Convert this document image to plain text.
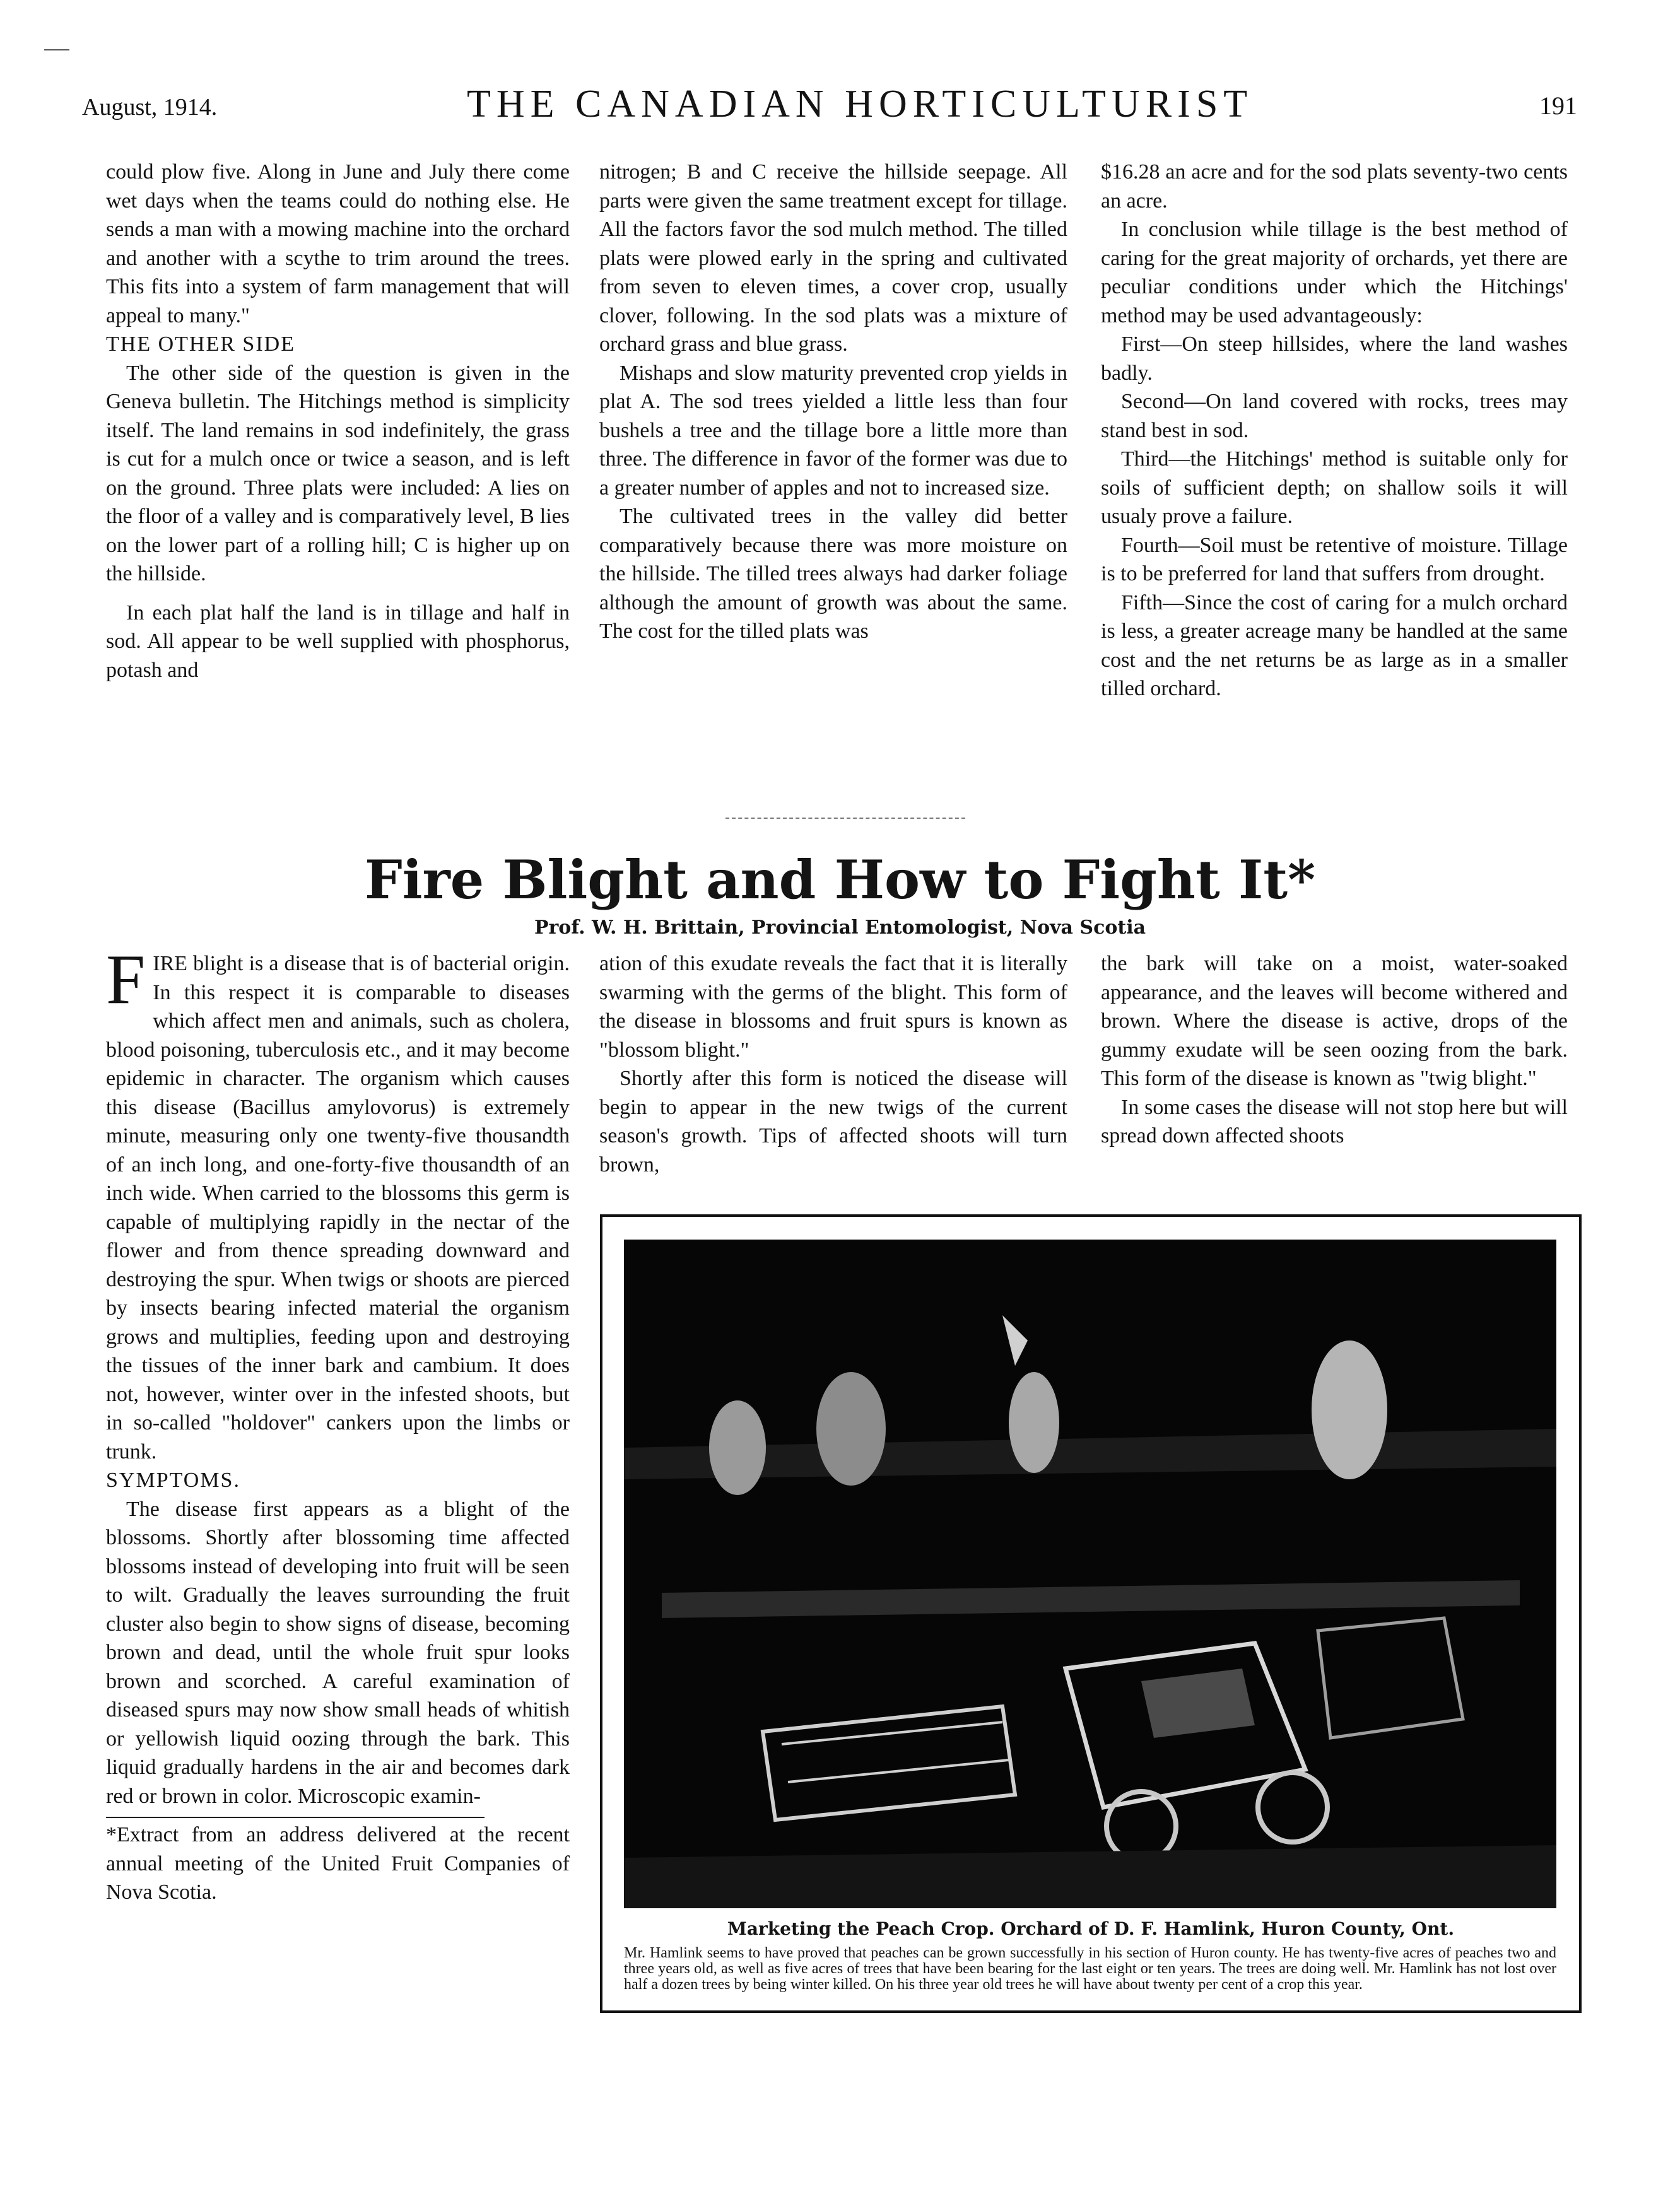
August, 1914.	THE CANADIAN HORTICULTURIST	191

could plow five. Along in June and July there come wet days when the teams could do nothing else. He sends a man with a mowing machine into the orchard and another with a scythe to trim around the trees. This fits into a system of farm management that will appeal to many."

THE OTHER SIDE

The other side of the question is given in the Geneva bulletin. The Hitchings method is simplicity itself. The land remains in sod indefinitely, the grass is cut for a mulch once or twice a season, and is left on the ground. Three plats were included: A lies on the floor of a valley and is comparatively level, B lies on the lower part of a rolling hill; C is higher up on the hillside.

In each plat half the land is in tillage and half in sod. All appear to be well supplied with phosphorus, potash and

nitrogen; B and C receive the hillside seepage. All parts were given the same treatment except for tillage. All the factors favor the sod mulch method. The tilled plats were plowed early in the spring and cultivated from seven to eleven times, a cover crop, usually clover, following. In the sod plats was a mixture of orchard grass and blue grass.

Mishaps and slow maturity prevented crop yields in plat A. The sod trees yielded a little less than four bushels a tree and the tillage bore a little more than three. The difference in favor of the former was due to a greater number of apples and not to increased size.

The cultivated trees in the valley did better comparatively because there was more moisture on the hillside. The tilled trees always had darker foliage although the amount of growth was about the same. The cost for the tilled plats was

$16.28 an acre and for the sod plats seventy-two cents an acre.

In conclusion while tillage is the best method of caring for the great majority of orchards, yet there are peculiar conditions under which the Hitchings' method may be used advantageously:

First—On steep hillsides, where the land washes badly.

Second—On land covered with rocks, trees may stand best in sod.

Third—the Hitchings' method is suitable only for soils of sufficient depth; on shallow soils it will usualy prove a failure.

Fourth—Soil must be retentive of moisture. Tillage is to be preferred for land that suffers from drought.

Fifth—Since the cost of caring for a mulch orchard is less, a greater acreage many be handled at the same cost and the net returns be as large as in a smaller tilled orchard.

Fire Blight and How to Fight It*
Prof. W. H. Brittain, Provincial Entomologist, Nova Scotia

FIRE blight is a disease that is of bacterial origin. In this respect it is comparable to diseases which affect men and animals, such as cholera, blood poisoning, tuberculosis etc., and it may become epidemic in character. The organism which causes this disease (Bacillus amylovorus) is extremely minute, measuring only one twenty-five thousandth of an inch long, and one-forty-five thousandth of an inch wide. When carried to the blossoms this germ is capable of multiplying rapidly in the nectar of the flower and from thence spreading downward and destroying the spur. When twigs or shoots are pierced by insects bearing infected material the organism grows and multiplies, feeding upon and destroying the tissues of the inner bark and cambium. It does not, however, winter over in the infested shoots, but in so-called "holdover" cankers upon the limbs or trunk.

SYMPTOMS.

The disease first appears as a blight of the blossoms. Shortly after blossoming time affected blossoms instead of developing into fruit will be seen to wilt. Gradually the leaves surrounding the fruit cluster also begin to show signs of disease, becoming brown and dead, until the whole fruit spur looks brown and scorched. A careful examination of diseased spurs may now show small heads of whitish or yellowish liquid oozing through the bark. This liquid gradually hardens in the air and becomes dark red or brown in color. Microscopic examin-

*Extract from an address delivered at the recent annual meeting of the United Fruit Companies of Nova Scotia.

ation of this exudate reveals the fact that it is literally swarming with the germs of the blight. This form of the disease in blossoms and fruit spurs is known as "blossom blight."

Shortly after this form is noticed the disease will begin to appear in the new twigs of the current season's growth. Tips of affected shoots will turn brown,

the bark will take on a moist, water-soaked appearance, and the leaves will become withered and brown. Where the disease is active, drops of the gummy exudate will be seen oozing from the bark. This form of the disease is known as "twig blight."

In some cases the disease will not stop here but will spread down affected shoots

Marketing the Peach Crop. Orchard of D. F. Hamlink, Huron County, Ont.

Mr. Hamlink seems to have proved that peaches can be grown successfully in his section of Huron county. He has twenty-five acres of peaches two and three years old, as well as five acres of trees that have been bearing for the last eight or ten years. The trees are doing well. Mr. Hamlink has not lost over half a dozen trees by being winter killed. On his three year old trees he will have about twenty per cent of a crop this year.
